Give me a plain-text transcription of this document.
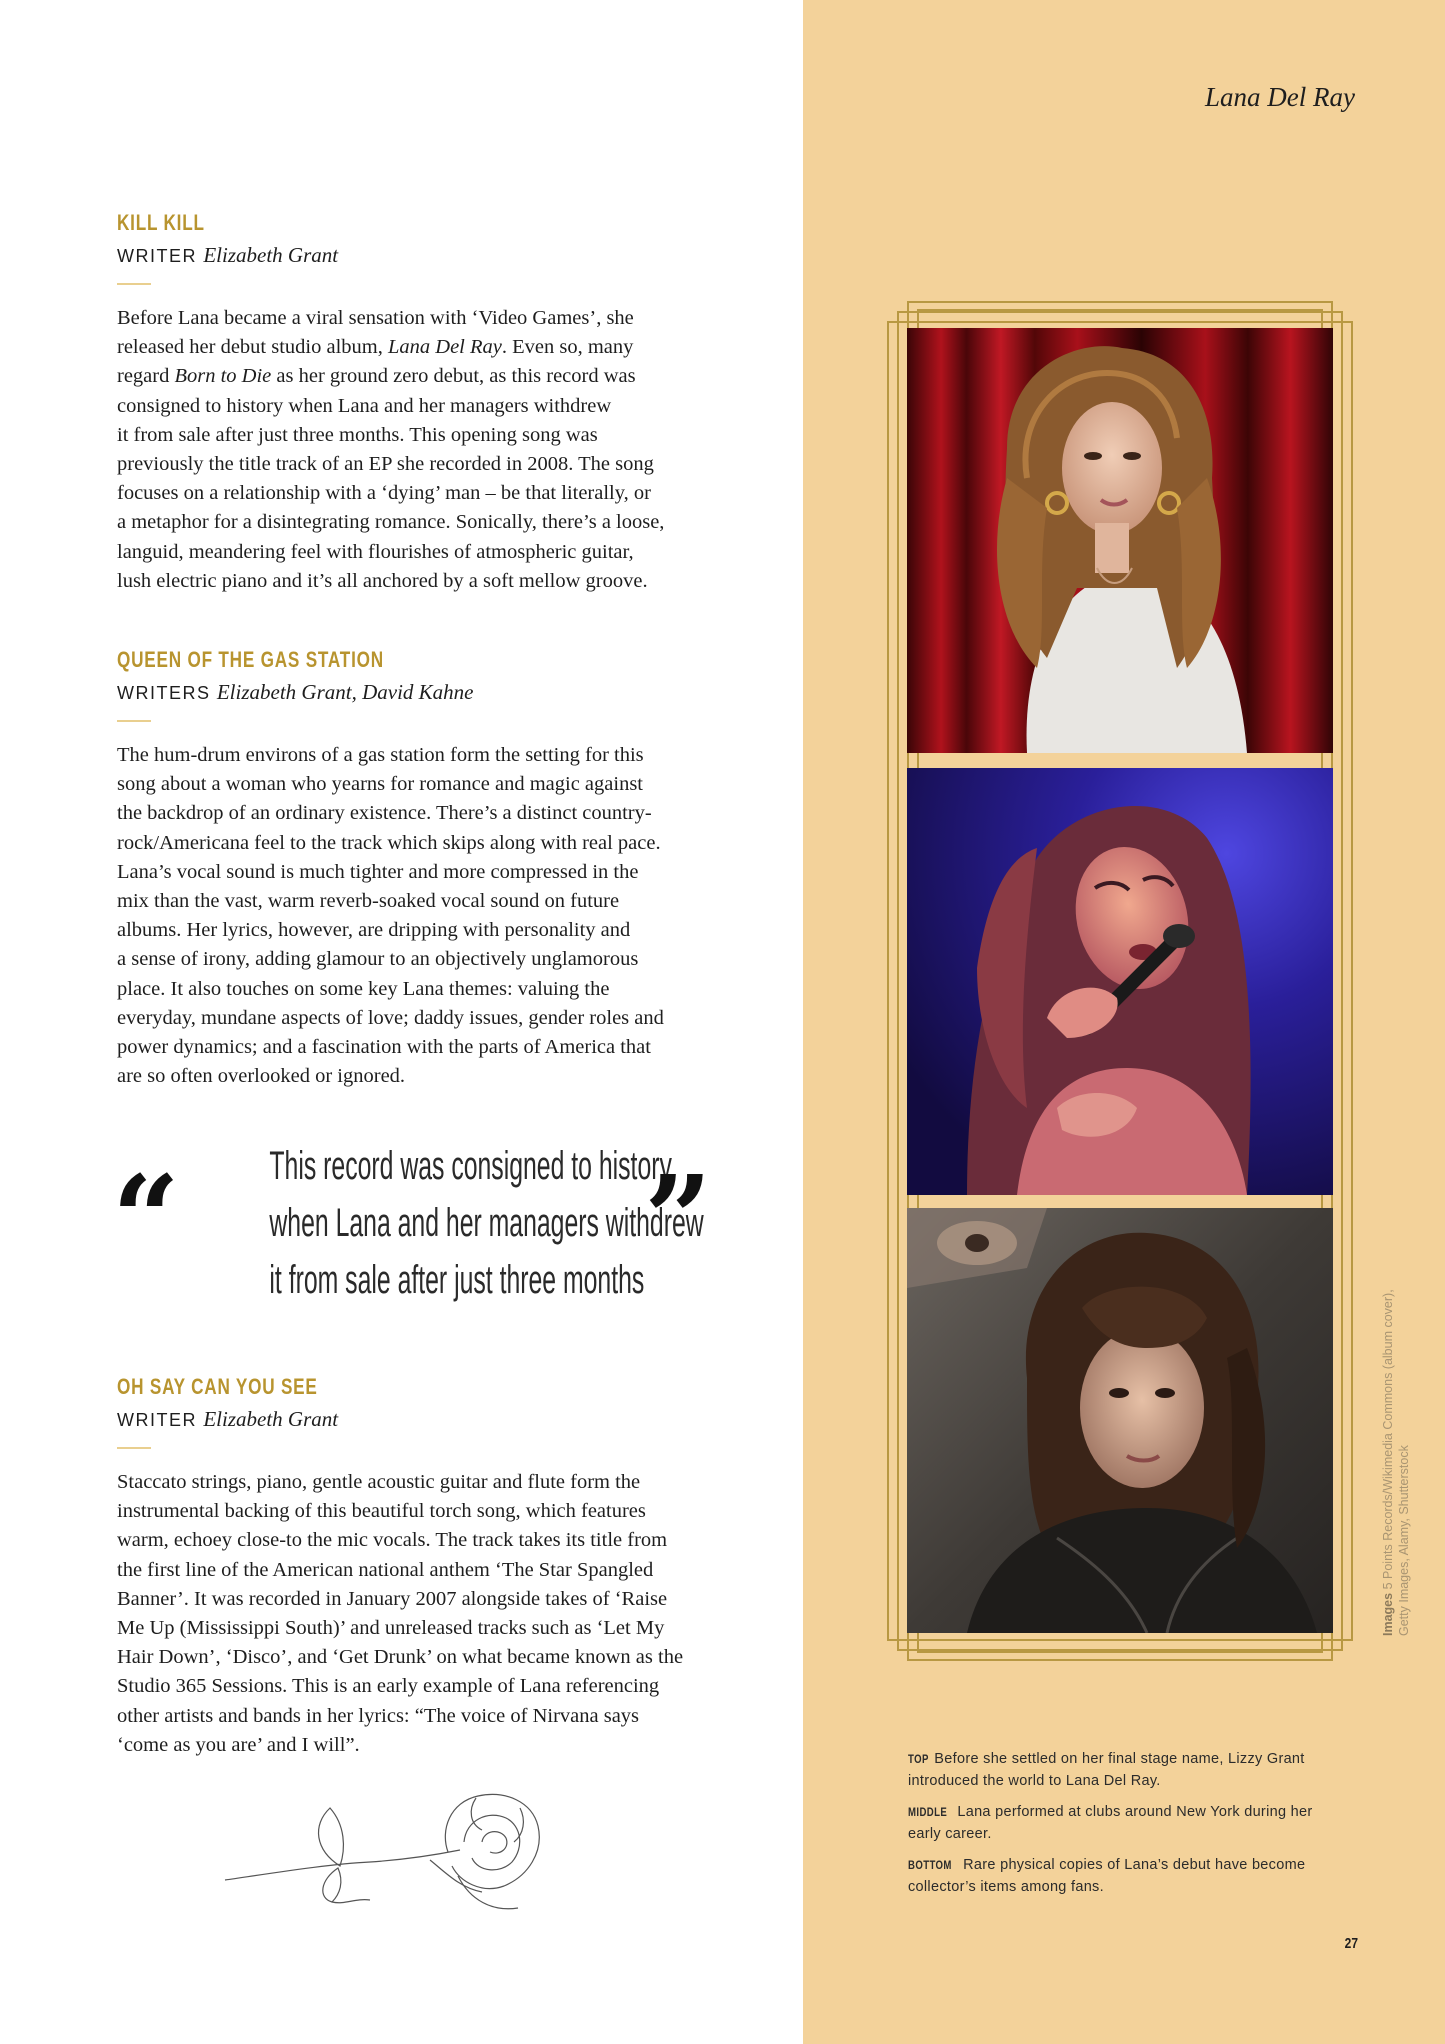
KILL KILL
WRITER Elizabeth Grant

Before Lana became a viral sensation with ‘Video Games’, she

released her debut studio album, Lana Del Ray. Even so, many

regard Born to Die as her ground zero debut, as this record was

consigned to history when Lana and her managers withdrew

it from sale after just three months. This opening song was

previously the title track of an EP she recorded in 2008. The song

focuses on a relationship with a ‘dying’ man – be that literally, or

a metaphor for a disintegrating romance. Sonically, there’s a loose,

languid, meandering feel with flourishes of atmospheric guitar,

lush electric piano and it’s all anchored by a soft mellow groove.

QUEEN OF THE GAS STATION
WRITERS Elizabeth Grant, David Kahne

The hum-drum environs of a gas station form the setting for this

song about a woman who yearns for romance and magic against

the backdrop of an ordinary existence. There’s a distinct country-

rock/Americana feel to the track which skips along with real pace.

Lana’s vocal sound is much tighter and more compressed in the

mix than the vast, warm reverb-soaked vocal sound on future

albums. Her lyrics, however, are dripping with personality and

a sense of irony, adding glamour to an objectively unglamorous

place. It also touches on some key Lana themes: valuing the

everyday, mundane aspects of love; daddy issues, gender roles and

power dynamics; and a fascination with the parts of America that

are so often overlooked or ignored.

“ This record was consigned to history
when Lana and her managers withdrew
it from sale after just three months ”
OH SAY CAN YOU SEE
WRITER Elizabeth Grant

Staccato strings, piano, gentle acoustic guitar and flute form the

instrumental backing of this beautiful torch song, which features

warm, echoey close-to the mic vocals. The track takes its title from

the first line of the American national anthem ‘The Star Spangled

Banner’. It was recorded in January 2007 alongside takes of ‘Raise

Me Up (Mississippi South)’ and unreleased tracks such as ‘Let My

Hair Down’, ‘Disco’, and ‘Get Drunk’ on what became known as the

Studio 365 Sessions. This is an early example of Lana referencing

other artists and bands in her lyrics: “The voice of Nirvana says

‘come as you are’ and I will”.

Lana Del Ray
Images 5 Points Records/Wikimedia Commons (album cover), Getty Images, Alamy, Shutterstock

TOP Before she settled on her final stage name, Lizzy Grant introduced the world to Lana Del Ray.

MIDDLE Lana performed at clubs around New York during her early career.

BOTTOM Rare physical copies of Lana’s debut have become collector’s items among fans.

27
